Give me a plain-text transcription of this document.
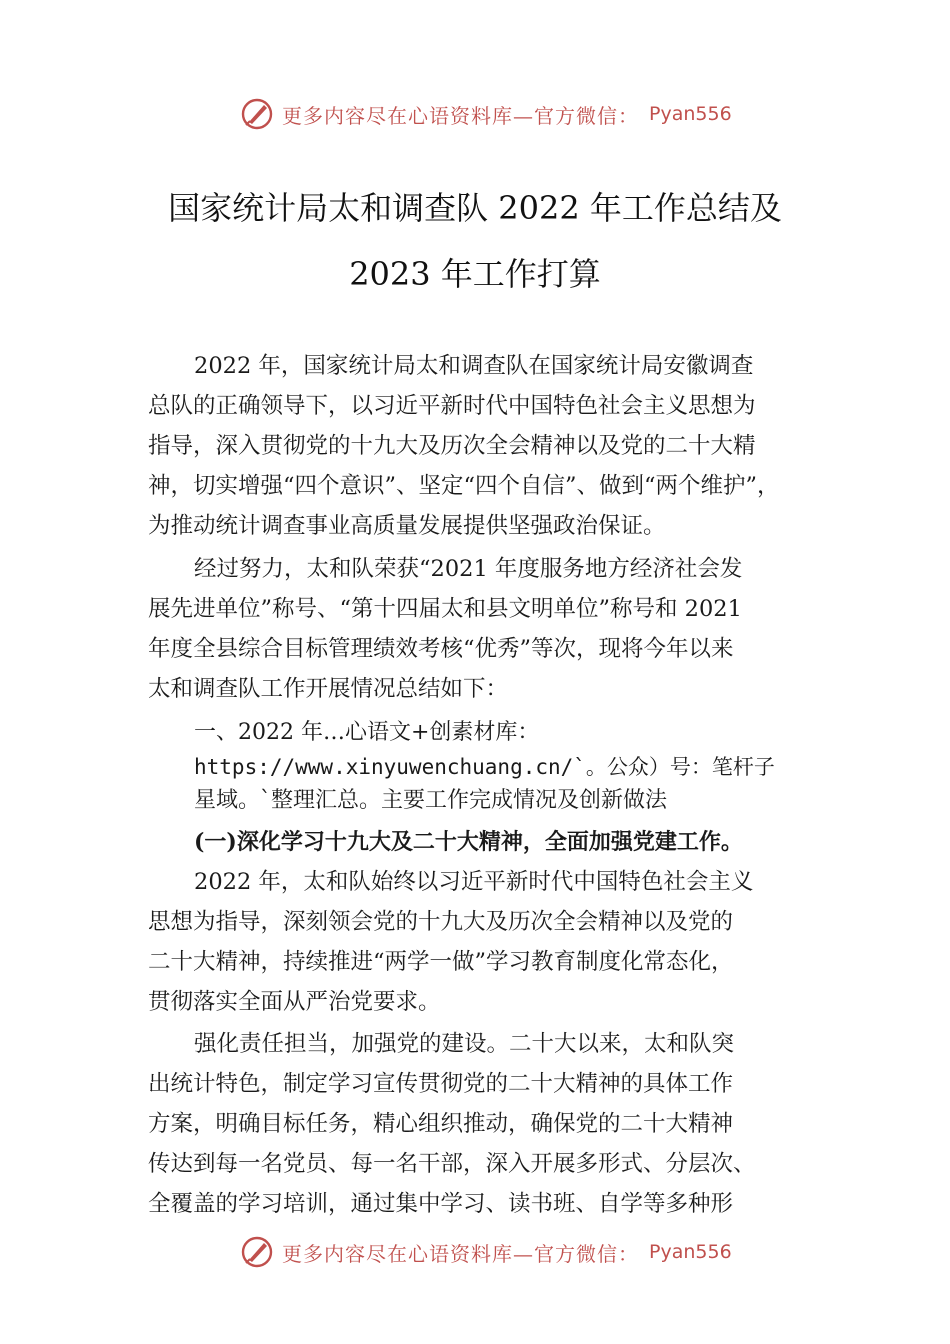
更多内容尽在心语资料库—官方微信： Pyan556
国家统计局太和调查队 2022 年工作总结及
2023 年工作打算
2022 年，国家统计局太和调查队在国家统计局安徽调查
总队的正确领导下，以习近平新时代中国特色社会主义思想为
指导，深入贯彻党的十九大及历次全会精神以及党的二十大精
神，切实增强“四个意识”、坚定“四个自信”、做到“两个维护”，
为推动统计调查事业高质量发展提供坚强政治保证。
经过努力，太和队荣获“2021 年度服务地方经济社会发
展先进单位”称号、“第十四届太和县文明单位”称号和 2021
年度全县综合目标管理绩效考核“优秀”等次，现将今年以来
太和调查队工作开展情况总结如下：
一、2022 年…心语文+创素材库：
https://www.xinyuwenchuang.cn/`。公众）号：笔杆子
星域。`整理汇总。主要工作完成情况及创新做法
(一)深化学习十九大及二十大精神，全面加强党建工作。
2022 年，太和队始终以习近平新时代中国特色社会主义
思想为指导，深刻领会党的十九大及历次全会精神以及党的
二十大精神，持续推进“两学一做”学习教育制度化常态化，
贯彻落实全面从严治党要求。
强化责任担当，加强党的建设。二十大以来，太和队突
出统计特色，制定学习宣传贯彻党的二十大精神的具体工作
方案，明确目标任务，精心组织推动，确保党的二十大精神
传达到每一名党员、每一名干部，深入开展多形式、分层次、
全覆盖的学习培训，通过集中学习、读书班、自学等多种形
更多内容尽在心语资料库—官方微信： Pyan556
